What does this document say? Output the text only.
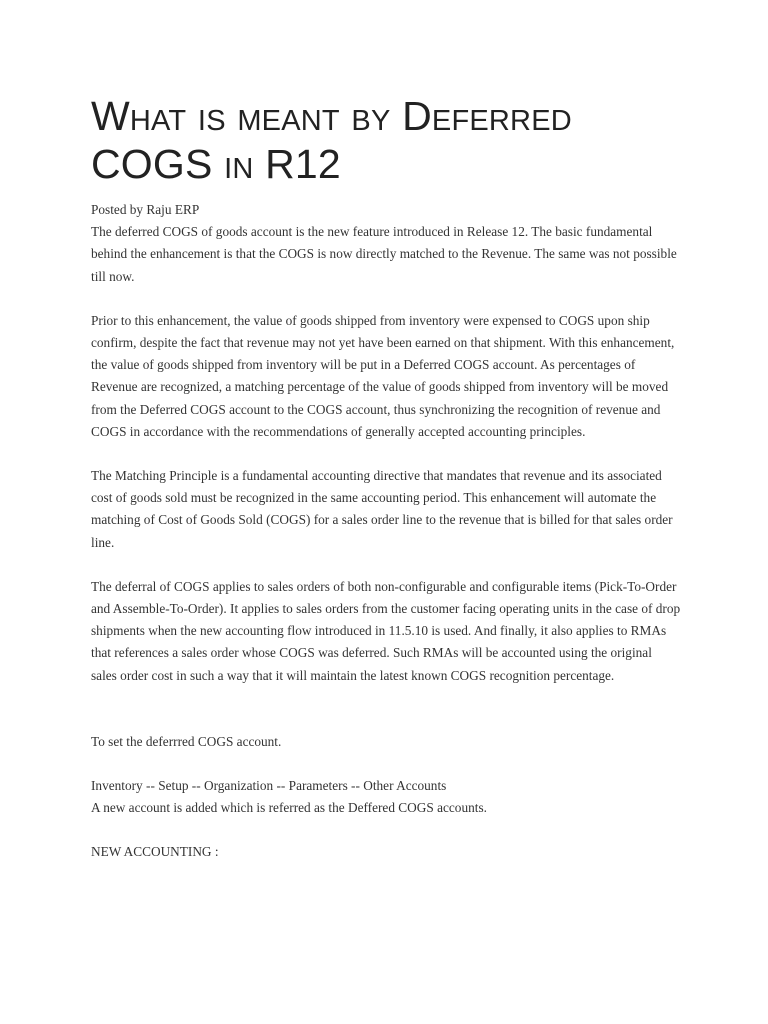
What is meant by Deferred COGS in R12

Posted by Raju ERP

The deferred COGS of goods account is the new feature introduced in Release 12. The basic fundamental behind the enhancement is that the COGS is now directly matched to the Revenue. The same was not possible till now.

Prior to this enhancement, the value of goods shipped from inventory were expensed to COGS upon ship confirm, despite the fact that revenue may not yet have been earned on that shipment. With this enhancement, the value of goods shipped from inventory will be put in a Deferred COGS account. As percentages of Revenue are recognized, a matching percentage of the value of goods shipped from inventory will be moved from the Deferred COGS account to the COGS account, thus synchronizing the recognition of revenue and COGS in accordance with the recommendations of generally accepted accounting principles.

The Matching Principle is a fundamental accounting directive that mandates that revenue and its associated cost of goods sold must be recognized in the same accounting period. This enhancement will automate the matching of Cost of Goods Sold (COGS) for a sales order line to the revenue that is billed for that sales order line.

The deferral of COGS applies to sales orders of both non-configurable and configurable items (Pick-To-Order and Assemble-To-Order). It applies to sales orders from the customer facing operating units in the case of drop shipments when the new accounting flow introduced in 11.5.10 is used. And finally, it also applies to RMAs that references a sales order whose COGS was deferred. Such RMAs will be accounted using the original sales order cost in such a way that it will maintain the latest known COGS recognition percentage.

To set the deferrred COGS account.

Inventory -- Setup -- Organization -- Parameters -- Other Accounts

A new account is added which is referred as the Deffered COGS accounts.

NEW ACCOUNTING :
